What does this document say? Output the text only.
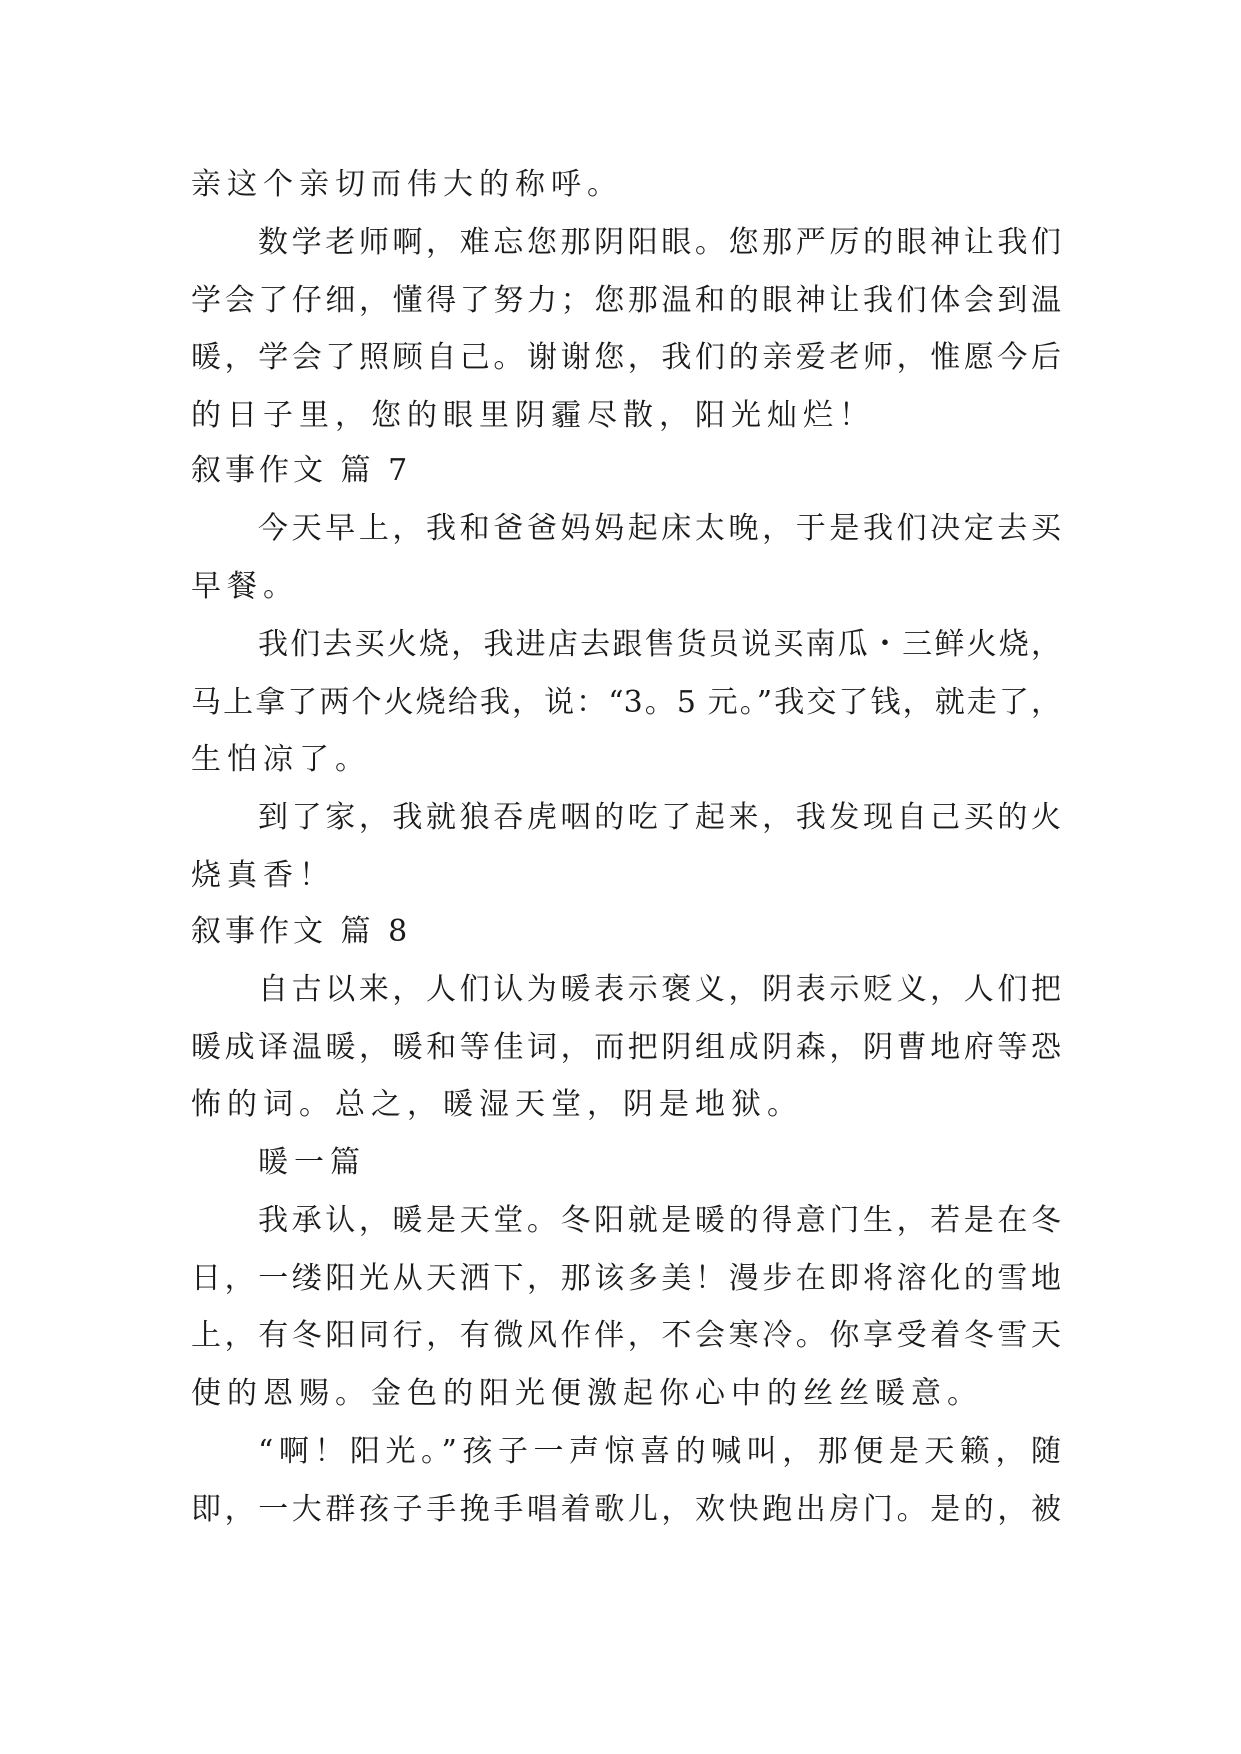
亲这个亲切而伟大的称呼。
数学老师啊，难忘您那阴阳眼。您那严厉的眼神让我们
学会了仔细，懂得了努力；您那温和的眼神让我们体会到温
暖，学会了照顾自己。谢谢您，我们的亲爱老师，惟愿今后
的日子里，您的眼里阴霾尽散，阳光灿烂！
叙事作文 篇 7
今天早上，我和爸爸妈妈起床太晚，于是我们决定去买
早餐。
我们去买火烧，我进店去跟售货员说买南瓜・三鲜火烧，
马上拿了两个火烧给我，说：“3。5 元。”我交了钱，就走了，
生怕凉了。
到了家，我就狼吞虎咽的吃了起来，我发现自己买的火
烧真香！
叙事作文 篇 8
自古以来，人们认为暖表示褒义，阴表示贬义，人们把
暖成译温暖，暖和等佳词，而把阴组成阴森，阴曹地府等恐
怖的词。总之，暖湿天堂，阴是地狱。
暖一篇
我承认，暖是天堂。冬阳就是暖的得意门生，若是在冬
日，一缕阳光从天洒下，那该多美！漫步在即将溶化的雪地
上，有冬阳同行，有微风作伴，不会寒冷。你享受着冬雪天
使的恩赐。金色的阳光便激起你心中的丝丝暖意。
“啊！阳光。”孩子一声惊喜的喊叫，那便是天籁，随
即，一大群孩子手挽手唱着歌儿，欢快跑出房门。是的，被
